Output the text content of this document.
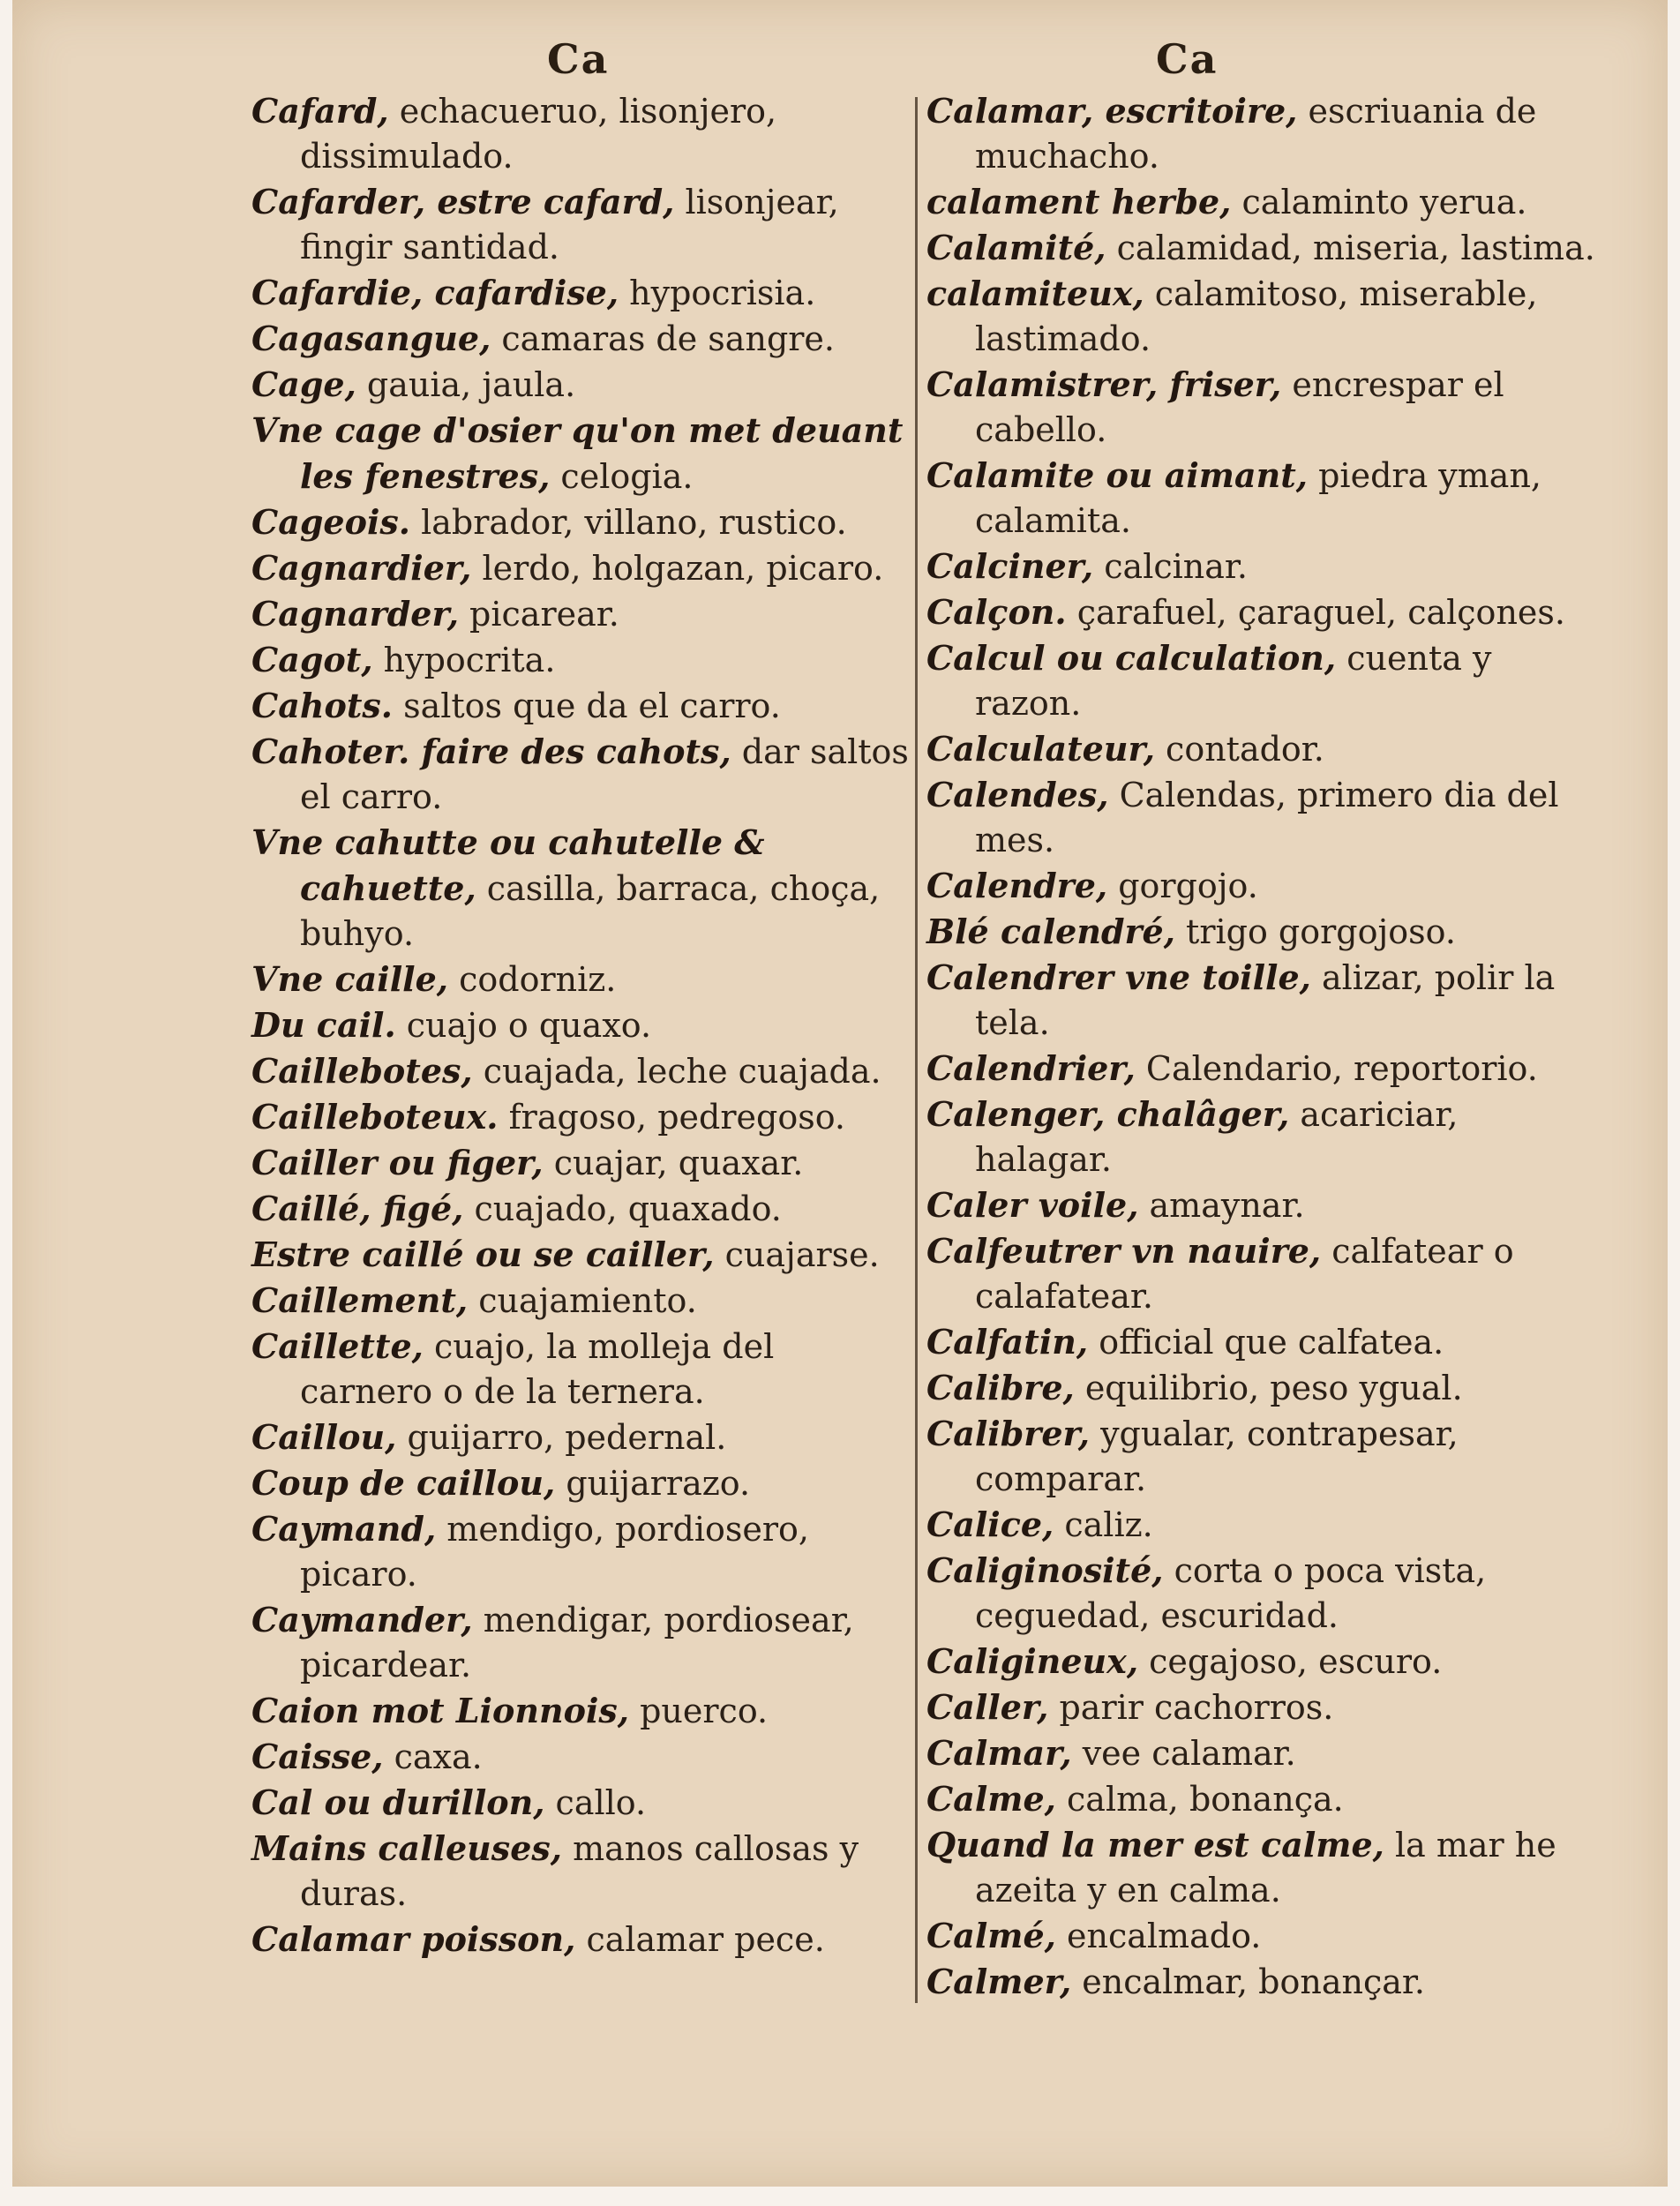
Ca	Ca
Cafard, echacueruo, lisonjero, dissimulado.
Cafarder, estre cafard, lisonjear, fingir santidad.
Cafardie, cafardise, hypocrisia.
Cagasangue, camaras de sangre.
Cage, gauia, jaula.
Vne cage d'osier qu'on met deuant les fenestres, celogia.
Cageois. labrador, villano, rustico.
Cagnardier, lerdo, holgazan, picaro.
Cagnarder, picarear.
Cagot, hypocrita.
Cahots. saltos que da el carro.
Cahoter. faire des cahots, dar saltos el carro.
Vne cahutte ou cahutelle & cahuette, casilla, barraca, choça, buhyo.
Vne caille, codorniz.
Du cail. cuajo o quaxo.
Caillebotes, cuajada, leche cuajada.
Cailleboteux. fragoso, pedregoso.
Cailler ou figer, cuajar, quaxar.
Caillé, figé, cuajado, quaxado.
Estre caillé ou se cailler, cuajarse.
Caillement, cuajamiento.
Caillette, cuajo, la molleja del carnero o de la ternera.
Caillou, guijarro, pedernal.
Coup de caillou, guijarrazo.
Caymand, mendigo, pordiosero, picaro.
Caymander, mendigar, pordiosear, picardear.
Caion mot Lionnois, puerco.
Caisse, caxa.
Cal ou durillon, callo.
Mains calleuses, manos callosas y duras.
Calamar poisson, calamar pece.
Calamar, escritoire, escriuania de muchacho.
calament herbe, calaminto yerua.
Calamité, calamidad, miseria, lastima.
calamiteux, calamitoso, miserable, lastimado.
Calamistrer, friser, encrespar el cabello.
Calamite ou aimant, piedra yman, calamita.
Calciner, calcinar.
Calçon. çarafuel, çaraguel, calçones.
Calcul ou calculation, cuenta y razon.
Calculateur, contador.
Calendes, Calendas, primero dia del mes.
Calendre, gorgojo.
Blé calendré, trigo gorgojoso.
Calendrer vne toille, alizar, polir la tela.
Calendrier, Calendario, reportorio.
Calenger, chalâger, acariciar, halagar.
Caler voile, amaynar.
Calfeutrer vn nauire, calfatear o calafatear.
Calfatin, official que calfatea.
Calibre, equilibrio, peso ygual.
Calibrer, ygualar, contrapesar, comparar.
Calice, caliz.
Caliginosité, corta o poca vista, ceguedad, escuridad.
Caligineux, cegajoso, escuro.
Caller, parir cachorros.
Calmar, vee calamar.
Calme, calma, bonança.
Quand la mer est calme, la mar he azeita y en calma.
Calmé, encalmado.
Calmer, encalmar, bonançar.
